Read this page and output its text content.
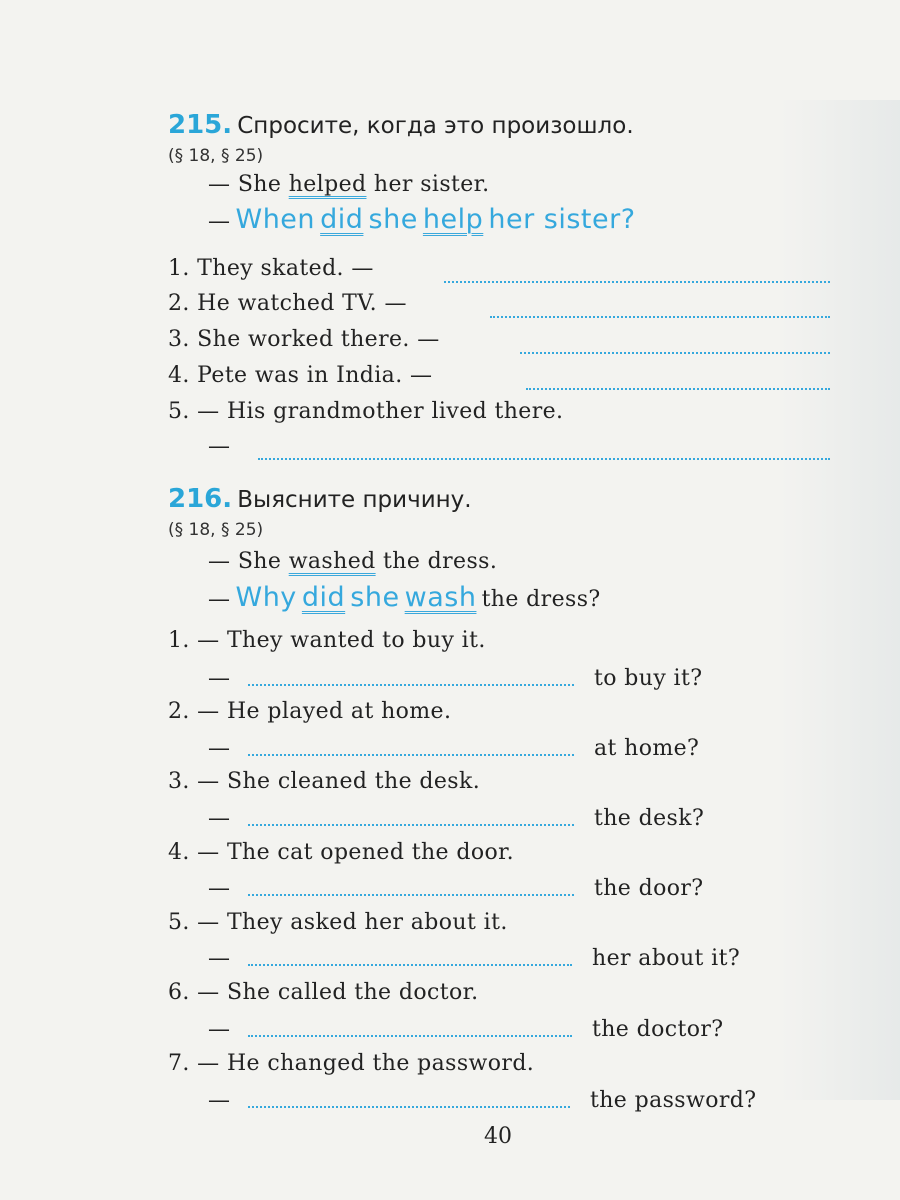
215. Спросите, когда это произошло.
(§ 18, § 25)
— She helped her sister.
— When did she help her sister?
1. They skated. —
2. He watched TV. —
3. She worked there. —
4. Pete was in India. —
5. — His grandmother lived there.
—
216. Выясните причину.
(§ 18, § 25)
— She washed the dress.
— Why did she wash the dress?
1. — They wanted to buy it.
—	to buy it?
2. — He played at home.
—	at home?
3. — She cleaned the desk.
—	the desk?
4. — The cat opened the door.
—	the door?
5. — They asked her about it.
—	her about it?
6. — She called the doctor.
—	the doctor?
7. — He changed the password.
—	the password?
40
